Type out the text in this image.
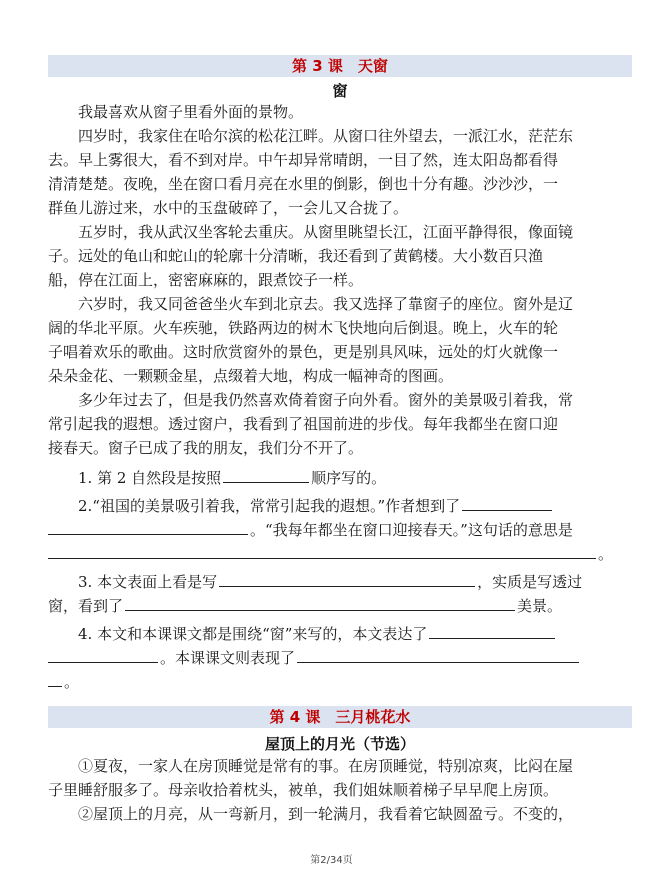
第 3 课　天窗
窗
我最喜欢从窗子里看外面的景物。
四岁时，我家住在哈尔滨的松花江畔。从窗口往外望去，一派江水，茫茫东
去。早上雾很大，看不到对岸。中午却异常晴朗，一目了然，连太阳岛都看得
清清楚楚。夜晚，坐在窗口看月亮在水里的倒影，倒也十分有趣。沙沙沙，一
群鱼儿游过来，水中的玉盘破碎了，一会儿又合拢了。
五岁时，我从武汉坐客轮去重庆。从窗里眺望长江，江面平静得很，像面镜
子。远处的龟山和蛇山的轮廓十分清晰，我还看到了黄鹤楼。大小数百只渔
船，停在江面上，密密麻麻的，跟煮饺子一样。
六岁时，我又同爸爸坐火车到北京去。我又选择了靠窗子的座位。窗外是辽
阔的华北平原。火车疾驰，铁路两边的树木飞快地向后倒退。晚上，火车的轮
子唱着欢乐的歌曲。这时欣赏窗外的景色，更是别具风味，远处的灯火就像一
朵朵金花、一颗颗金星，点缀着大地，构成一幅神奇的图画。
多少年过去了，但是我仍然喜欢倚着窗子向外看。窗外的美景吸引着我，常
常引起我的遐想。透过窗户，我看到了祖国前进的步伐。每年我都坐在窗口迎
接春天。窗子已成了我的朋友，我们分不开了。
1. 第 2 自然段是按照	顺序写的。
2.“祖国的美景吸引着我，常常引起我的遐想。”作者想到了
。“我每年都坐在窗口迎接春天。”这句话的意思是
。
3. 本文表面上看是写	，实质是写透过
窗，看到了	美景。
4. 本文和本课课文都是围绕“窗”来写的，本文表达了
。本课课文则表现了
。
第 4 课　三月桃花水
屋顶上的月光（节选）
①夏夜，一家人在房顶睡觉是常有的事。在房顶睡觉，特别凉爽，比闷在屋
子里睡舒服多了。母亲收拾着枕头，被单，我们姐妹顺着梯子早早爬上房顶。
②屋顶上的月亮，从一弯新月，到一轮满月，我看着它缺圆盈亏。不变的，
第2/34页
